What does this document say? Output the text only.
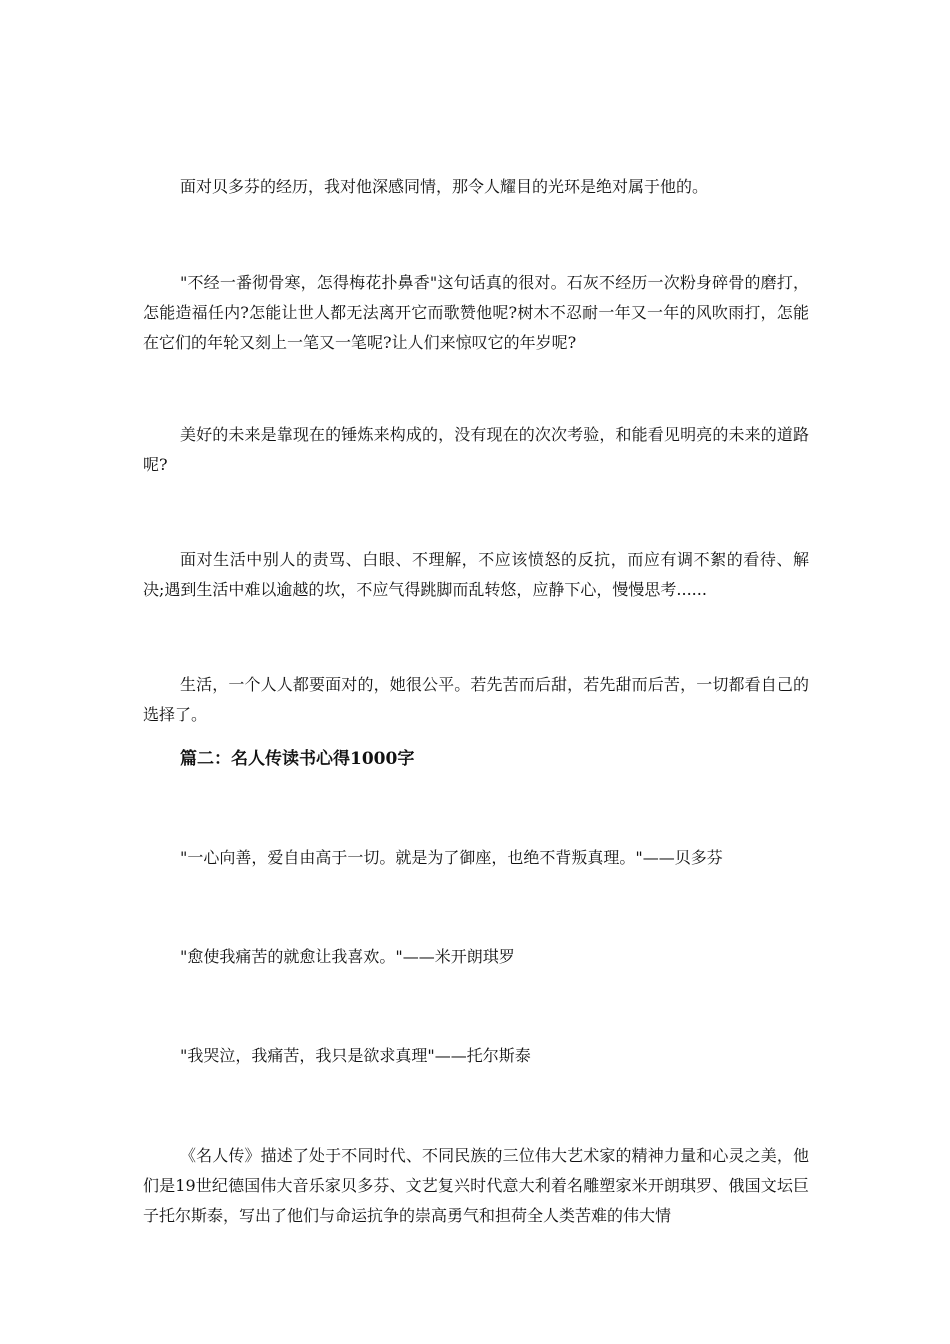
面对贝多芬的经历，我对他深感同情，那令人耀目的光环是绝对属于他的。

"不经一番彻骨寒，怎得梅花扑鼻香"这句话真的很对。石灰不经历一次粉身碎骨的磨打，怎能造福任内?怎能让世人都无法离开它而歌赞他呢?树木不忍耐一年又一年的风吹雨打，怎能在它们的年轮又刻上一笔又一笔呢?让人们来惊叹它的年岁呢?

美好的未来是靠现在的锤炼来构成的，没有现在的次次考验，和能看见明亮的未来的道路呢?

面对生活中别人的责骂、白眼、不理解，不应该愤怒的反抗，而应有调不絮的看待、解决;遇到生活中难以逾越的坎，不应气得跳脚而乱转悠，应静下心，慢慢思考......

生活，一个人人都要面对的，她很公平。若先苦而后甜，若先甜而后苦，一切都看自己的选择了。

篇二：名人传读书心得1000字

"一心向善，爱自由高于一切。就是为了御座，也绝不背叛真理。"——贝多芬

"愈使我痛苦的就愈让我喜欢。"——米开朗琪罗

"我哭泣，我痛苦，我只是欲求真理"——托尔斯泰

《名人传》描述了处于不同时代、不同民族的三位伟大艺术家的精神力量和心灵之美，他们是19世纪德国伟大音乐家贝多芬、文艺复兴时代意大利着名雕塑家米开朗琪罗、俄国文坛巨子托尔斯泰，写出了他们与命运抗争的崇高勇气和担荷全人类苦难的伟大情
